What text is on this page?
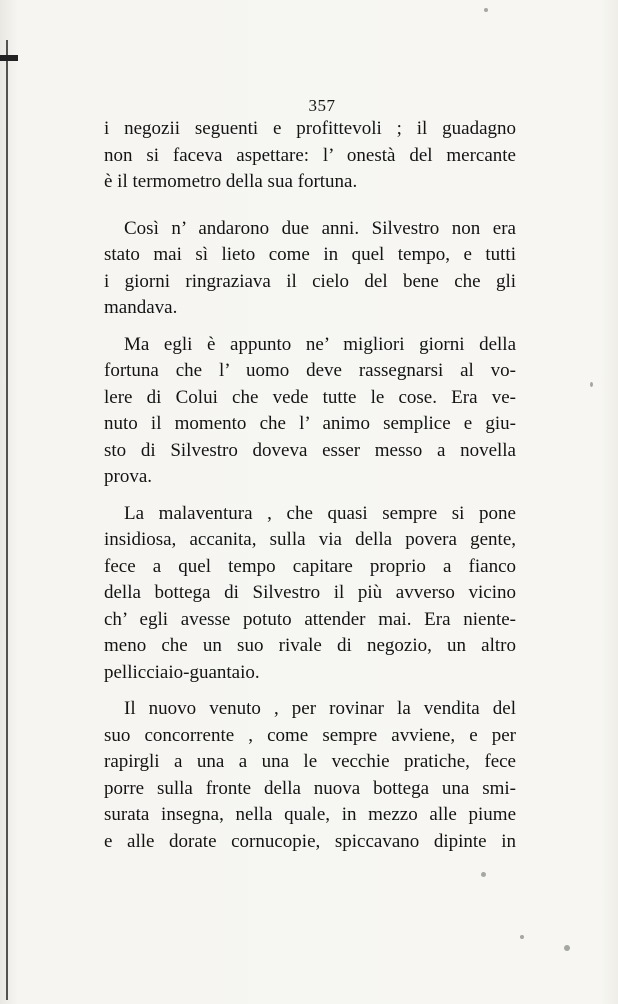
357
i negozii seguenti e profittevoli ; il guadagno
non si faceva aspettare: l’ onestà del mercante
è il termometro della sua fortuna.
Così n’ andarono due anni. Silvestro non era
stato mai sì lieto come in quel tempo, e tutti
i giorni ringraziava il cielo del bene che gli
mandava.
Ma egli è appunto ne’ migliori giorni della
fortuna che l’ uomo deve rassegnarsi al vo-
lere di Colui che vede tutte le cose. Era ve-
nuto il momento che l’ animo semplice e giu-
sto di Silvestro doveva esser messo a novella
prova.
La malaventura , che quasi sempre si pone
insidiosa, accanita, sulla via della povera gente,
fece a quel tempo capitare proprio a fianco
della bottega di Silvestro il più avverso vicino
ch’ egli avesse potuto attender mai. Era niente-
meno che un suo rivale di negozio, un altro
pellicciaio-guantaio.
Il nuovo venuto , per rovinar la vendita del
suo concorrente , come sempre avviene, e per
rapirgli a una a una le vecchie pratiche, fece
porre sulla fronte della nuova bottega una smi-
surata insegna, nella quale, in mezzo alle piume
e alle dorate cornucopie, spiccavano dipinte in
